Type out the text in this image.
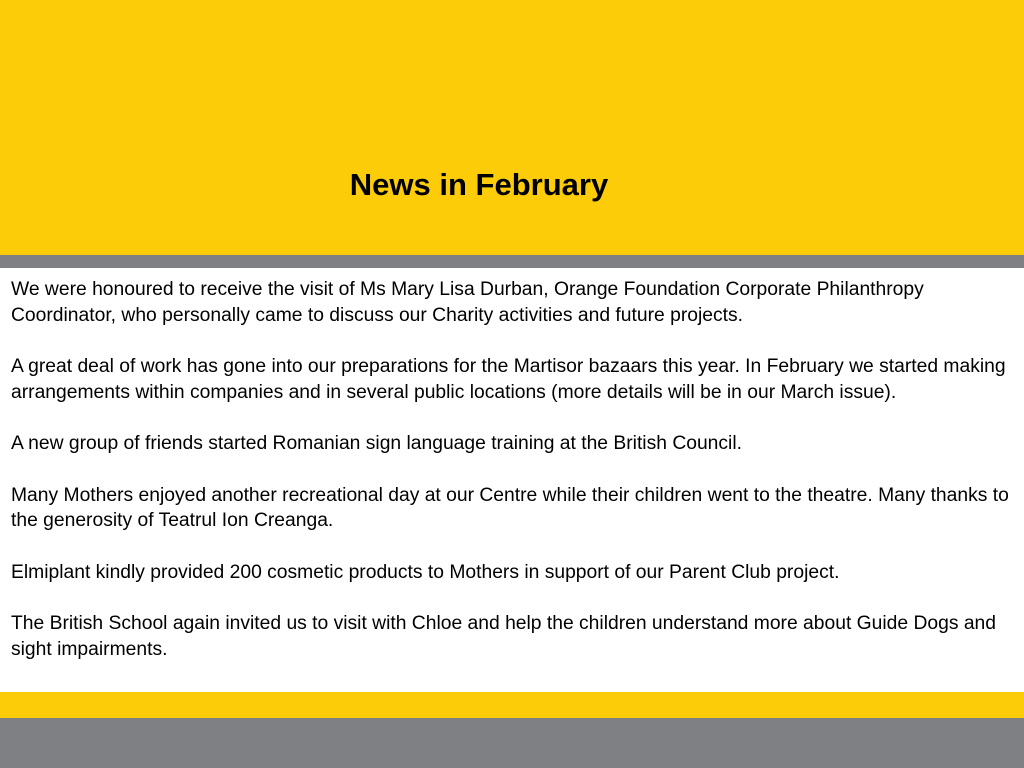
News in February

We were honoured to receive the visit of Ms Mary Lisa Durban, Orange Foundation Corporate Philanthropy Coordinator, who personally came to discuss our Charity activities and future projects.

A great deal of work has gone into our preparations for the Martisor bazaars this year. In February we started making arrangements within companies and in several public locations (more details will be in our March issue).

A new group of friends started Romanian sign language training at the British Council.

Many Mothers enjoyed another recreational day at our Centre while their children went to the theatre. Many thanks to the generosity of Teatrul Ion Creanga.

Elmiplant kindly provided 200 cosmetic products to Mothers in support of our Parent Club project.

The British School again invited us to visit with Chloe and help the children understand more about Guide Dogs and sight impairments.
